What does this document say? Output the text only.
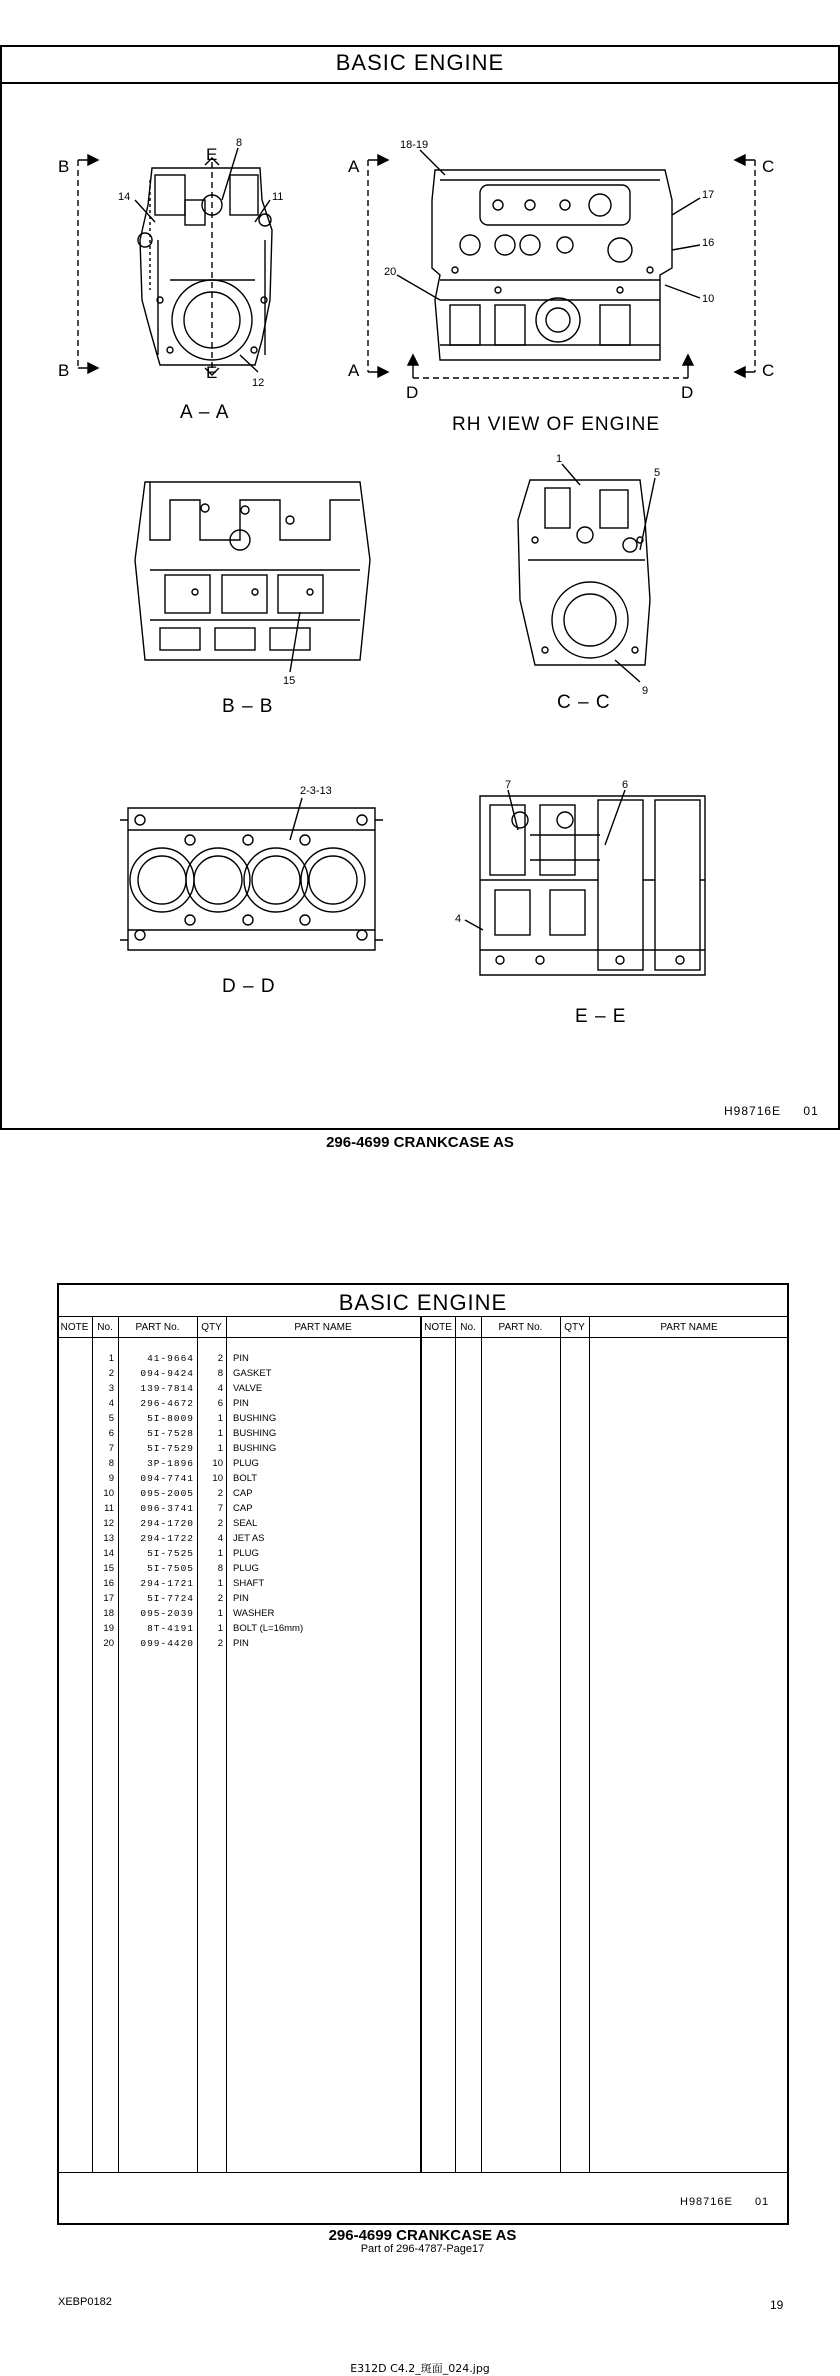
BASIC ENGINE
B
B
E
E
A
A
C
C
D	D
8
14	11
12
18-19
17
16
10
20
15
1
5
9
2-3-13	7	6
4
A – A
RH VIEW OF ENGINE
B – B	C – C
D – D
E – E
H98716E 01
296-4699 CRANKCASE AS
BASIC ENGINE
NOTE No.	PART No.	QTY	PART NAME	NOTE No.	PART No.	QTY	PART NAME
1	41-9664	2 PIN
2	094-9424	8 GASKET
3	139-7814	4 VALVE
4	296-4672	6 PIN
5	5I-8009	1 BUSHING
6	5I-7528	1 BUSHING
7	5I-7529	1 BUSHING
8	3P-1896	10 PLUG
9	094-7741	10 BOLT
10	095-2005	2 CAP
11	096-3741	7 CAP
12	294-1720	2 SEAL
13	294-1722	4 JET AS
14	5I-7525	1 PLUG
15	5I-7505	8 PLUG
16	294-1721	1 SHAFT
17	5I-7724	2 PIN
18	095-2039	1 WASHER
19	8T-4191	1 BOLT (L=16mm)
20	099-4420	2 PIN
H98716E 01
296-4699 CRANKCASE AS
Part of 296-4787-Page17
XEBP0182	19
E312D C4.2_斑面_024.jpg
